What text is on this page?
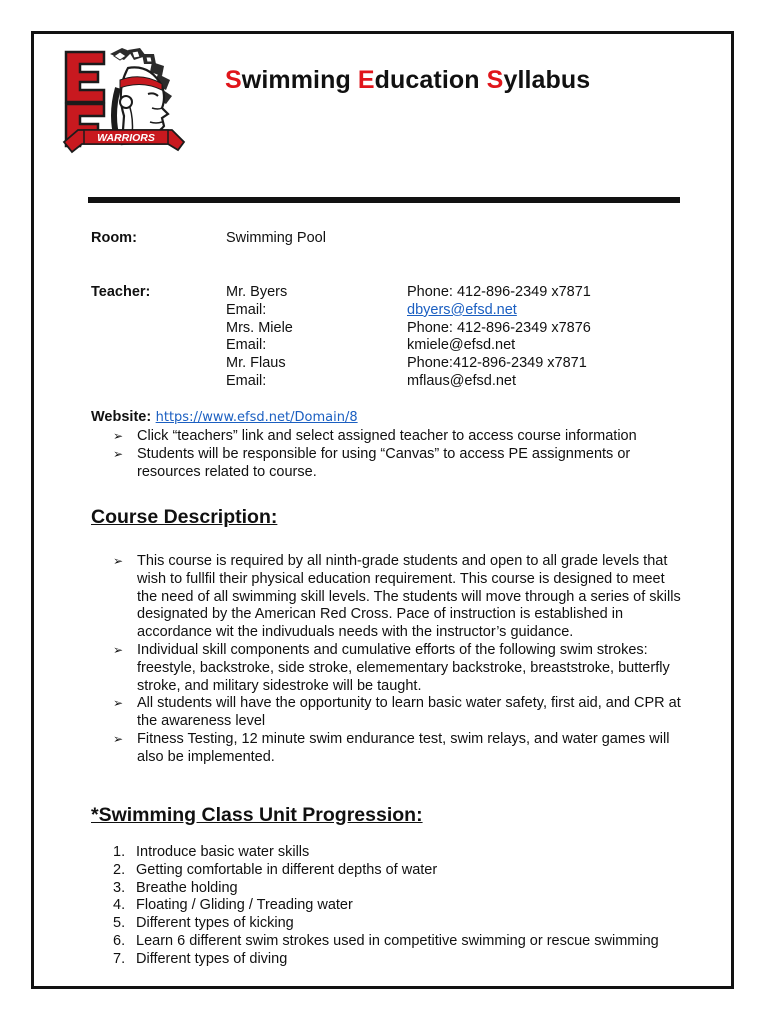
WARRIORS
Swimming Education Syllabus
Room:	Swimming Pool
Teacher:	Mr. Byers
Email:
Mrs. Miele
Email:
Mr. Flaus
Email:
Phone: 412-896-2349 x7871
dbyers@efsd.net
Phone: 412-896-2349 x7876
kmiele@efsd.net
Phone:412-896-2349 x7871
mflaus@efsd.net
Website: https://www.efsd.net/Domain/8
➢ Click “teachers” link and select assigned teacher to access course information
➢ Students will be responsible for using “Canvas” to access PE assignments or resources related to course.
Course Description:
➢ This course is required by all ninth-grade students and open to all grade levels that wish to fullfil their physical education requirement. This course is designed to meet the need of all swimming skill levels. The students will move through a series of skills designated by the American Red Cross. Pace of instruction is established in accordance wit the indivuduals needs with the instructor’s guidance.
➢ Individual skill components and cumulative efforts of the following swim strokes: freestyle, backstroke, side stroke, elemementary backstroke, breaststroke, butterfly stroke, and military sidestroke will be taught.
➢ All students will have the opportunity to learn basic water safety, first aid, and CPR at the awareness level
➢ Fitness Testing, 12 minute swim endurance test, swim relays, and water games will also be implemented.
*Swimming Class Unit Progression:
1. Introduce basic water skills
2. Getting comfortable in different depths of water
3. Breathe holding
4. Floating / Gliding / Treading water
5. Different types of kicking
6. Learn 6 different swim strokes used in competitive swimming or rescue swimming
7. Different types of diving
